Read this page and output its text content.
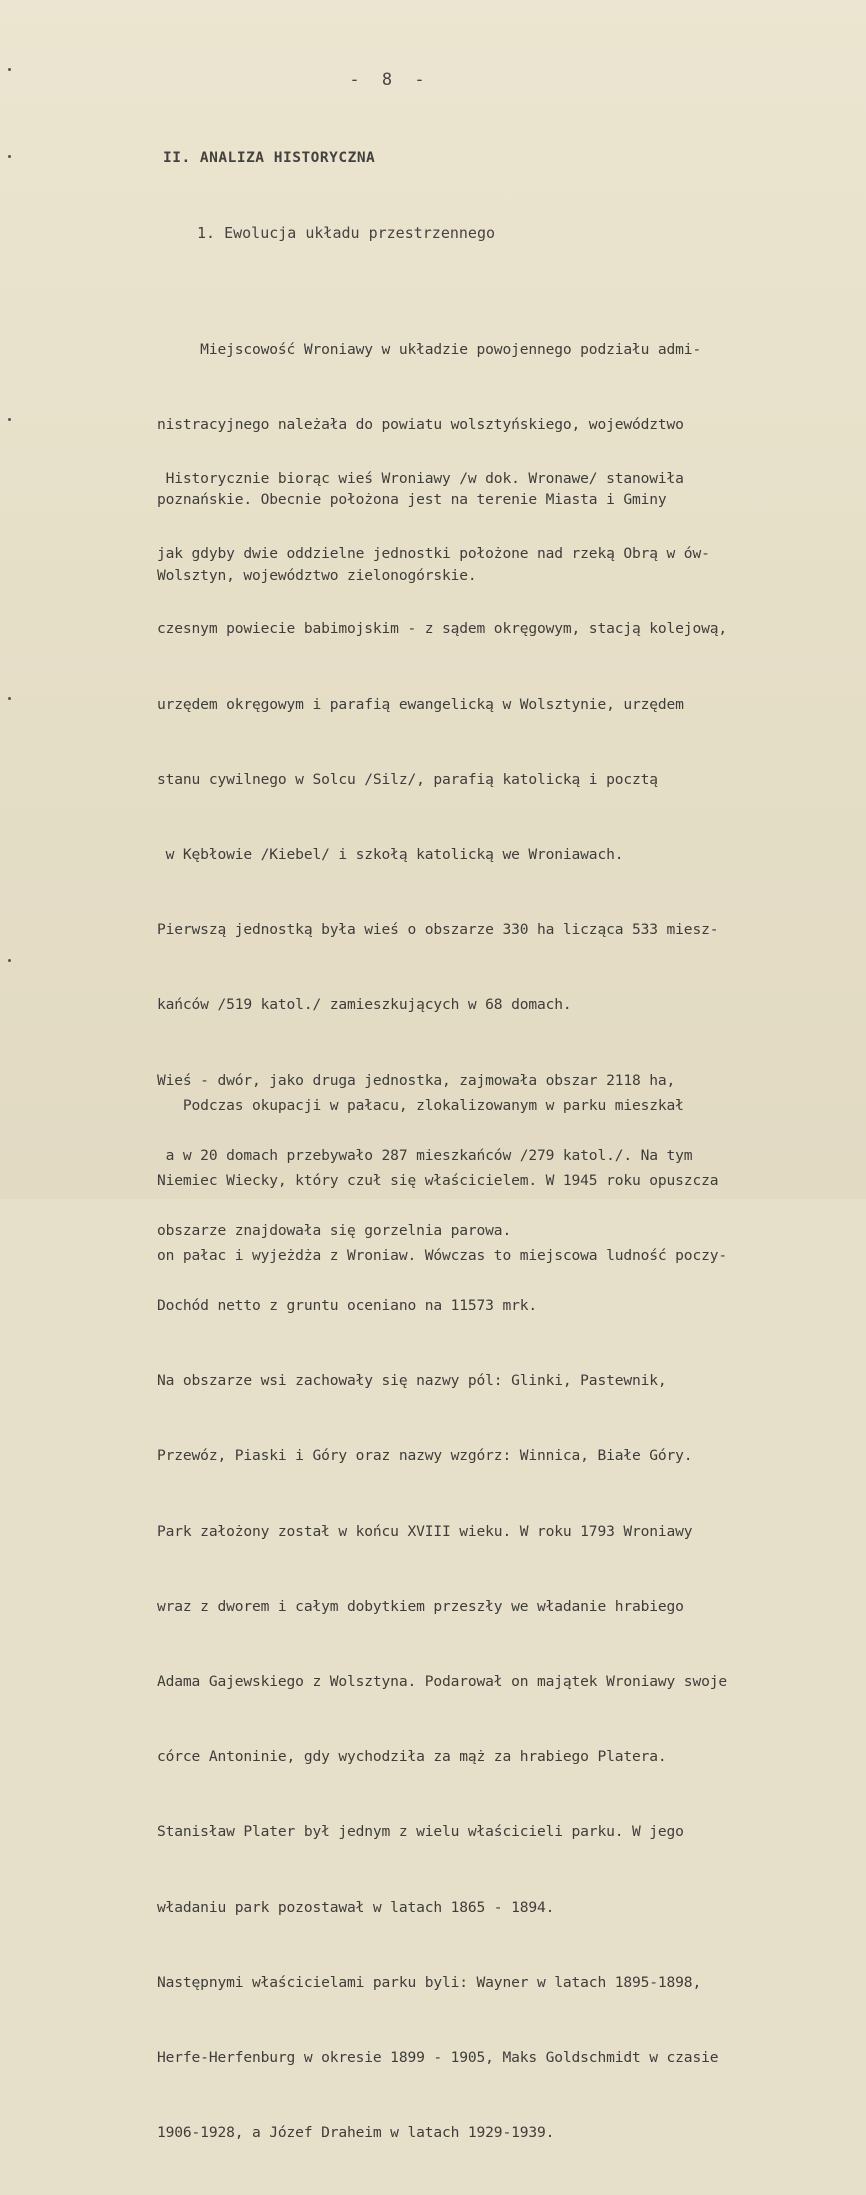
- 8 -
II. ANALIZA HISTORYCZNA
1. Ewolucja układu przestrzennego

Miejscowość Wroniawy w układzie powojennego podziału admi-

nistracyjnego należała do powiatu wolsztyńskiego, województwo

poznańskie. Obecnie położona jest na terenie Miasta i Gminy

Wolsztyn, województwo zielonogórskie.

Historycznie biorąc wieś Wroniawy /w dok. Wronawe/ stanowiła

jak gdyby dwie oddzielne jednostki położone nad rzeką Obrą w ów-

czesnym powiecie babimojskim - z sądem okręgowym, stacją kolejową,

urzędem okręgowym i parafią ewangelicką w Wolsztynie, urzędem

stanu cywilnego w Solcu /Silz/, parafią katolicką i pocztą

w Kębłowie /Kiebel/ i szkołą katolicką we Wroniawach.

Pierwszą jednostką była wieś o obszarze 330 ha licząca 533 miesz-

kańców /519 katol./ zamieszkujących w 68 domach.

Wieś - dwór, jako druga jednostka, zajmowała obszar 2118 ha,

a w 20 domach przebywało 287 mieszkańców /279 katol./. Na tym

obszarze znajdowała się gorzelnia parowa.

Dochód netto z gruntu oceniano na 11573 mrk.

Na obszarze wsi zachowały się nazwy pól: Glinki, Pastewnik,

Przewóz, Piaski i Góry oraz nazwy wzgórz: Winnica, Białe Góry.

Park założony został w końcu XVIII wieku. W roku 1793 Wroniawy

wraz z dworem i całym dobytkiem przeszły we władanie hrabiego

Adama Gajewskiego z Wolsztyna. Podarował on majątek Wroniawy swoje

córce Antoninie, gdy wychodziła za mąż za hrabiego Platera.

Stanisław Plater był jednym z wielu właścicieli parku. W jego

władaniu park pozostawał w latach 1865 - 1894.

Następnymi właścicielami parku byli: Wayner w latach 1895-1898,

Herfe-Herfenburg w okresie 1899 - 1905, Maks Goldschmidt w czasie

1906-1928, a Józef Draheim w latach 1929-1939.

Podczas okupacji w pałacu, zlokalizowanym w parku mieszkał

Niemiec Wiecky, który czuł się właścicielem. W 1945 roku opuszcza

on pałac i wyjeżdża z Wroniaw. Wówczas to miejscowa ludność poczy-
